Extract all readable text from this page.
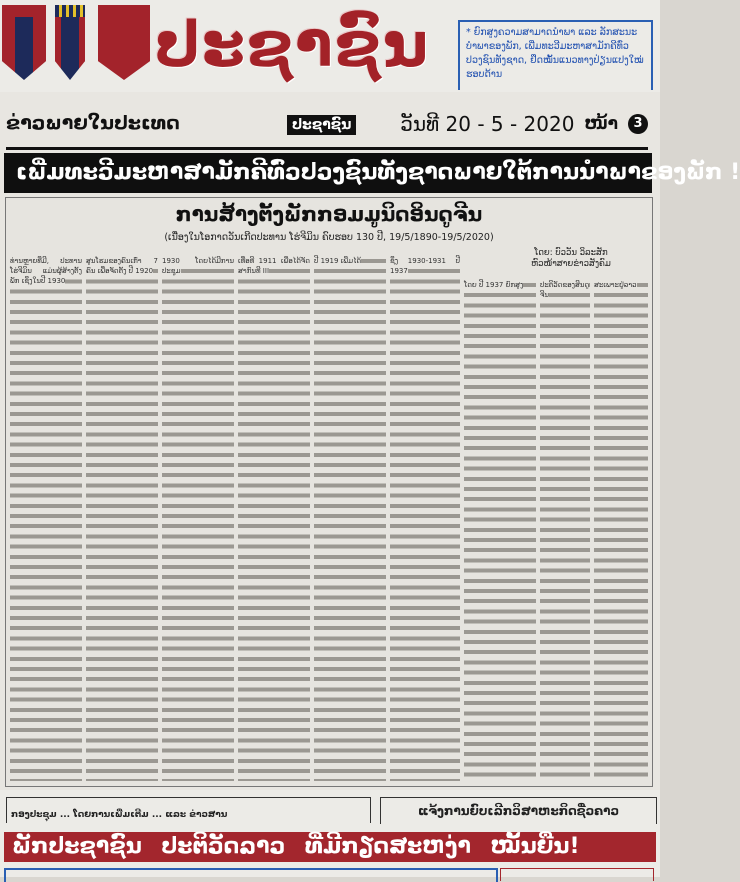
ປະຊາຊົນ	* ຍົກສູງຄວາມສາມາດນຳພາ ແລະ ລັກສະນະບຳພາຂອງພັກ, ເພີ່ມທະວີມະຫາສາມັກຄີທົ່ວປວງຊົນທັງຊາດ, ຢຶດໝັ້ນແນວທາງປ່ຽນແປງໃໝ່ຮອບດ້ານ
ຂ່າວພາຍໃນປະເທດ	ປະຊາຊົນ ວັນທີ 20 - 5 - 2020 ໜ້າ	3
ເພີ່ມທະວີມະຫາສາມັກຄີທົ່ວປວງຊົນທັງຊາດພາຍໃຕ້ການນຳພາຂອງພັກ !
ການສ້າງຕັ້ງພັກກອມມູນິດອິນດູຈີນ
(ເນື່ອງໃນໂອກາດວັນເກີດປະທານ ໂຮ່ຈີມິນ ຄົບຮອບ 130 ປີ, 19/5/1890-19/5/2020)
ໂດຍ: ບົວວັນ ວິລະສັກ
ຫົວໜ້າສາຍຂ່າວ​ສັງຄົມ
ທ່ານຫຼາຍທີ່ມີ, ປະທານ ໂຮ່ຈີມິນ ແມ່ນຜູ້ສ້າງຕັ້ງພັກ ເຊິ່ງໃນປີ 1930
ສູນໂຮມຂອງຄົນເກົ່າ 7 ຄົນ ເພື່ອຈັດຕັ້ງ ປີ 1920
1930 ໂດຍໄດ້ມີການປະຊຸມ
ເທື່ອທີ 1911 ເພື່ອໄດ້ຈັດ ສາກົນທີ III
ປີ 1919 ເພີ່ມໄດ້	ຊິ່ງ 1930-1931 ປີ 1937
ໂດຍ ປີ 1937 ຍົກສູງ	ປະຕິວັດຂອງສິນດູຈີນ
ສະເພາະຢູ່ລາວ
ກອງປະຊຸມ ... ໂດຍການເພີ່ມເຕີມ ... ແລະ ຂ່າວສານ	ແຈ້ງການຍົບເລີກວິສາຫະກິດຊື່ວຄາວ
ພັກປະຊາຊົນ ປະຕິວັດລາວ ທີ່ມີກຽດສະຫງ່າ ໝັ້ນຍືນ!
